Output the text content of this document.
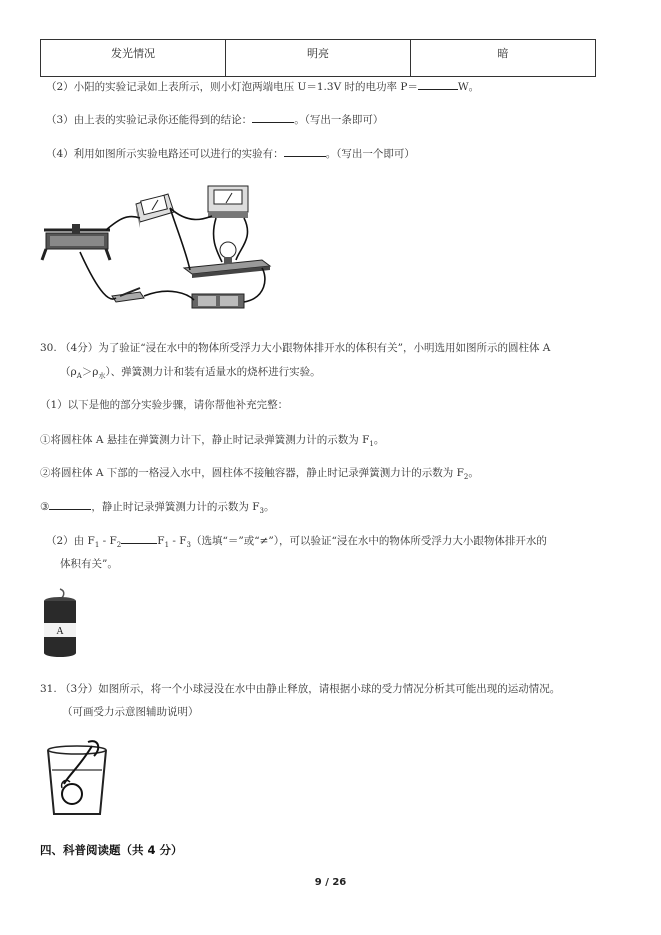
发光情况	明亮	暗
（2）小阳的实验记录如上表所示，则小灯泡两端电压 U＝1.3V 时的电功率 P＝	W。
（3）由上表的实验记录你还能得到的结论：	。（写出一条即可）
（4）利用如图所示实验电路还可以进行的实验有：	。（写出一个即可）
30. （4分）为了验证“浸在水中的物体所受浮力大小跟物体排开水的体积有关”，小明选用如图所示的圆柱体 A
$(\rho_A>\rho_水)$、弹簧测力计和装有适量水的烧杯进行实验。
（1）以下是他的部分实验步骤，请你帮他补充完整：
①将圆柱体 A 悬挂在弹簧测力计下，静止时记录弹簧测力计的示数为 $F_1$。
②将圆柱体 A 下部的一格浸入水中，圆柱体不接触容器，静止时记录弹簧测力计的示数为 $F_2$。
③	，静止时记录弹簧测力计的示数为 $F_3$。
（2）由 $F_1 - F_2$	$F_1 - F_3$（选填“＝”或“≠”），可以验证“浸在水中的物体所受浮力大小跟物体排开水的
体积有关”。
A
31. （3分）如图所示，将一个小球浸没在水中由静止释放，请根据小球的受力情况分析其可能出现的运动情况。
（可画受力示意图辅助说明）
四、科普阅读题（共 4 分）
9 / 26
